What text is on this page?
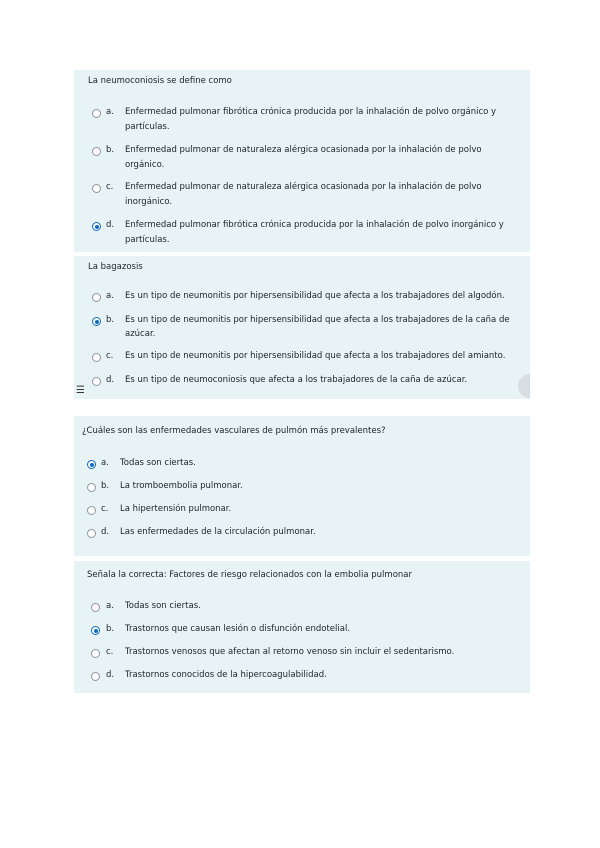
La neumoconiosis se define como
a. Enfermedad pulmonar fibrótica crónica producida por la inhalación de polvo orgánico y
partículas.
b. Enfermedad pulmonar de naturaleza alérgica ocasionada por la inhalación de polvo
orgánico.
c. Enfermedad pulmonar de naturaleza alérgica ocasionada por la inhalación de polvo
inorgánico.
d. Enfermedad pulmonar fibrótica crónica producida por la inhalación de polvo inorgánico y
partículas.
La bagazosis
a. Es un tipo de neumonitis por hipersensibilidad que afecta a los trabajadores del algodón.
b. Es un tipo de neumonitis por hipersensibilidad que afecta a los trabajadores de la caña de
azúcar.
c. Es un tipo de neumonitis por hipersensibilidad que afecta a los trabajadores del amianto.
d. Es un tipo de neumoconiosis que afecta a los trabajadores de la caña de azúcar.
☰
¿Cuáles son las enfermedades vasculares de pulmón más prevalentes?
a. Todas son ciertas.
b. La tromboembolia pulmonar.
c. La hipertensión pulmonar.
d. Las enfermedades de la circulación pulmonar.
Señala la correcta: Factores de riesgo relacionados con la embolia pulmonar
a. Todas son ciertas.
b. Trastornos que causan lesión o disfunción endotelial.
c. Trastornos venosos que afectan al retorno venoso sin incluir el sedentarismo.
d. Trastornos conocidos de la hipercoagulabilidad.
